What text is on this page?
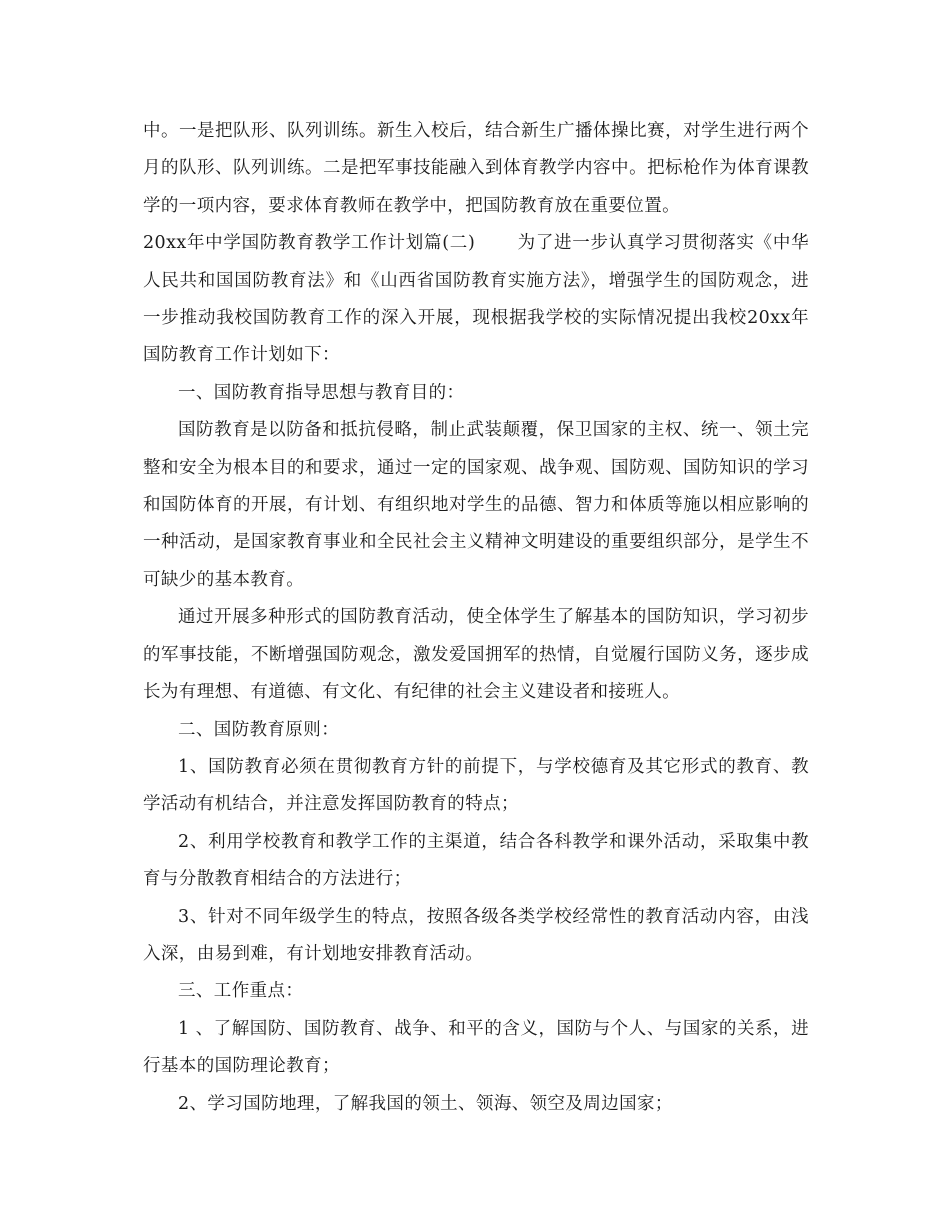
中。一是把队形、队列训练。新生入校后，结合新生广播体操比赛，对学生进行两个月的队形、队列训练。二是把军事技能融入到体育教学内容中。把标枪作为体育课教学的一项内容，要求体育教师在教学中，把国防教育放在重要位置。

20xx年中学国防教育教学工作计划篇(二) 为了进一步认真学习贯彻落实《中华人民共和国国防教育法》和《山西省国防教育实施方法》，增强学生的国防观念，进一步推动我校国防教育工作的深入开展，现根据我学校的实际情况提出我校20xx年国防教育工作计划如下：

一、国防教育指导思想与教育目的：

国防教育是以防备和抵抗侵略，制止武装颠覆，保卫国家的主权、统一、领土完整和安全为根本目的和要求，通过一定的国家观、战争观、国防观、国防知识的学习和国防体育的开展，有计划、有组织地对学生的品德、智力和体质等施以相应影响的一种活动，是国家教育事业和全民社会主义精神文明建设的重要组织部分，是学生不可缺少的基本教育。

通过开展多种形式的国防教育活动，使全体学生了解基本的国防知识，学习初步的军事技能，不断增强国防观念，激发爱国拥军的热情，自觉履行国防义务，逐步成长为有理想、有道德、有文化、有纪律的社会主义建设者和接班人。

二、国防教育原则：

1、国防教育必须在贯彻教育方针的前提下，与学校德育及其它形式的教育、教学活动有机结合，并注意发挥国防教育的特点；

2、利用学校教育和教学工作的主渠道，结合各科教学和课外活动，采取集中教育与分散教育相结合的方法进行；

3、针对不同年级学生的特点，按照各级各类学校经常性的教育活动内容，由浅入深，由易到难，有计划地安排教育活动。

三、工作重点：

1 、了解国防、国防教育、战争、和平的含义，国防与个人、与国家的关系，进行基本的国防理论教育；

2、学习国防地理，了解我国的领土、领海、领空及周边国家；
